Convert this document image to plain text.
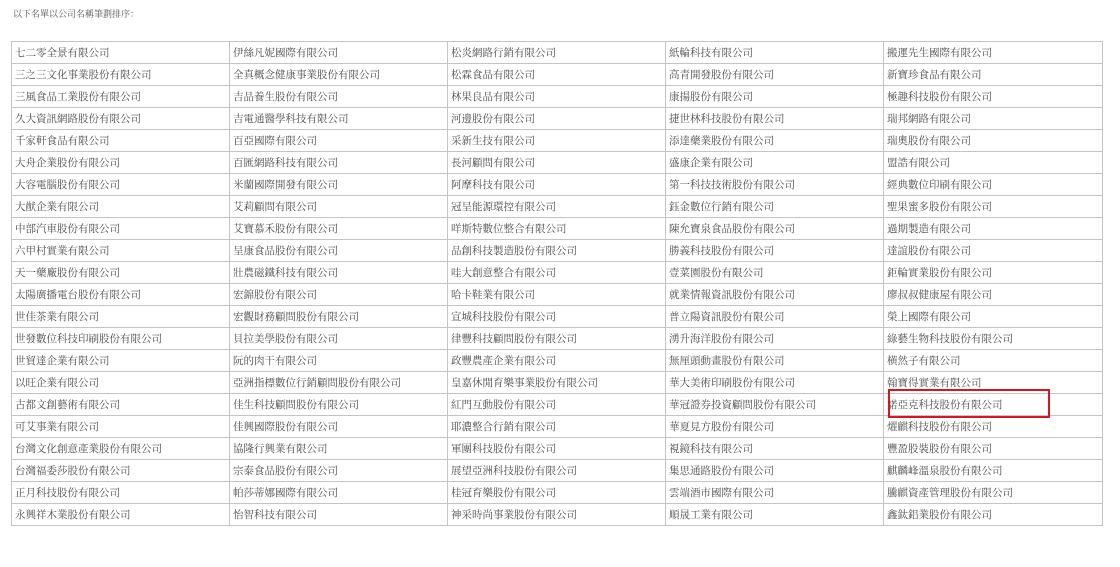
以下名單以公司名稱筆劃排序：
七二零全景有限公司	伊絲凡妮國際有限公司	松炎網路行銷有限公司	紙輪科技有限公司	搬運先生國際有限公司
三之三文化事業股份有限公司	全真概念健康事業股份有限公司	松霖食品有限公司	高青開發股份有限公司	新寶珍食品有限公司
三風食品工業股份有限公司	吉品養生股份有限公司	林果良品有限公司	康揚股份有限公司	極趣科技股份有限公司
久大資訊網路股份有限公司	吉電通醫學科技有限公司	河邊股份有限公司	捷世林科技股份有限公司	瑞邦網路有限公司
千家軒食品有限公司	百亞國際有限公司	采新生技有限公司	添達藥業股份有限公司	瑞奧股份有限公司
大舟企業股份有限公司	百匯網路科技有限公司	長河顧問有限公司	盛康企業有限公司	盟誥有限公司
大容電腦股份有限公司	米蘭國際開發有限公司	阿摩科技有限公司	第一科技技術股份有限公司	經典數位印刷有限公司
大猷企業有限公司	艾莉顧問有限公司	冠呈能源環控有限公司	鈺金數位行銷有限公司	聖果蜜多股份有限公司
中部汽車股份有限公司	艾寶慕禾股份有限公司	咩斯特數位整合有限公司	陳允寶泉食品股份有限公司	過期製造有限公司
六甲村實業有限公司	呈康食品股份有限公司	品創科技製造股份有限公司	勝義科技股份有限公司	達誼股份有限公司
天一藥廠股份有限公司	壯農磁鐵科技有限公司	哇大創意整合有限公司	壹菜園股份有限公司	鉅輪實業股份有限公司
太陽廣播電台股份有限公司	宏錦股份有限公司	哈卡鞋業有限公司	就業情報資訊股份有限公司	廖叔叔健康屋有限公司
世佳茶業有限公司	宏觀財務顧問股份有限公司	宣城科技股份有限公司	普立陽資訊股份有限公司	榮上國際有限公司
世發數位科技印刷股份有限公司	貝拉美學股份有限公司	律豐科技顧問股份有限公司	湧升海洋股份有限公司	綠藝生物科技股份有限公司
世貿達企業有限公司	阮的肉干有限公司	政豐農產企業有限公司	無厘頭動畫股份有限公司	横然子有限公司
以旺企業有限公司	亞洲指標數位行銷顧問股份有限公司	皇嘉休閒育樂事業股份有限公司	華大美術印刷股份有限公司	翰寶得實業有限公司
古都文創藝術有限公司	佳生科技顧問股份有限公司	紅門互動股份有限公司	華冠證券投資顧問股份有限公司	諾亞克科技股份有限公司

可艾事業有限公司	佳興國際股份有限公司	耶濃整合行銷有限公司	華夏見方股份有限公司	燿麒科技股份有限公司
台灣文化創意產業股份有限公司	協隆行興業有限公司	軍團科技股份有限公司	視鏡科技有限公司	豐盈股裝股份有限公司
台灣福委莎股份有限公司	宗泰食品股份有限公司	展望亞洲科技股份有限公司	集思通路股份有限公司	麒麟峰溫泉股份有限公司
正月科技股份有限公司	帕莎蒂娜國際有限公司	桂冠育樂股份有限公司	雲端酒市國際有限公司	騰麒資產管理股份有限公司
永興祥木業股份有限公司	怡智科技有限公司	神采時尚事業股份有限公司	順晟工業有限公司	鑫鈦鋁業股份有限公司
